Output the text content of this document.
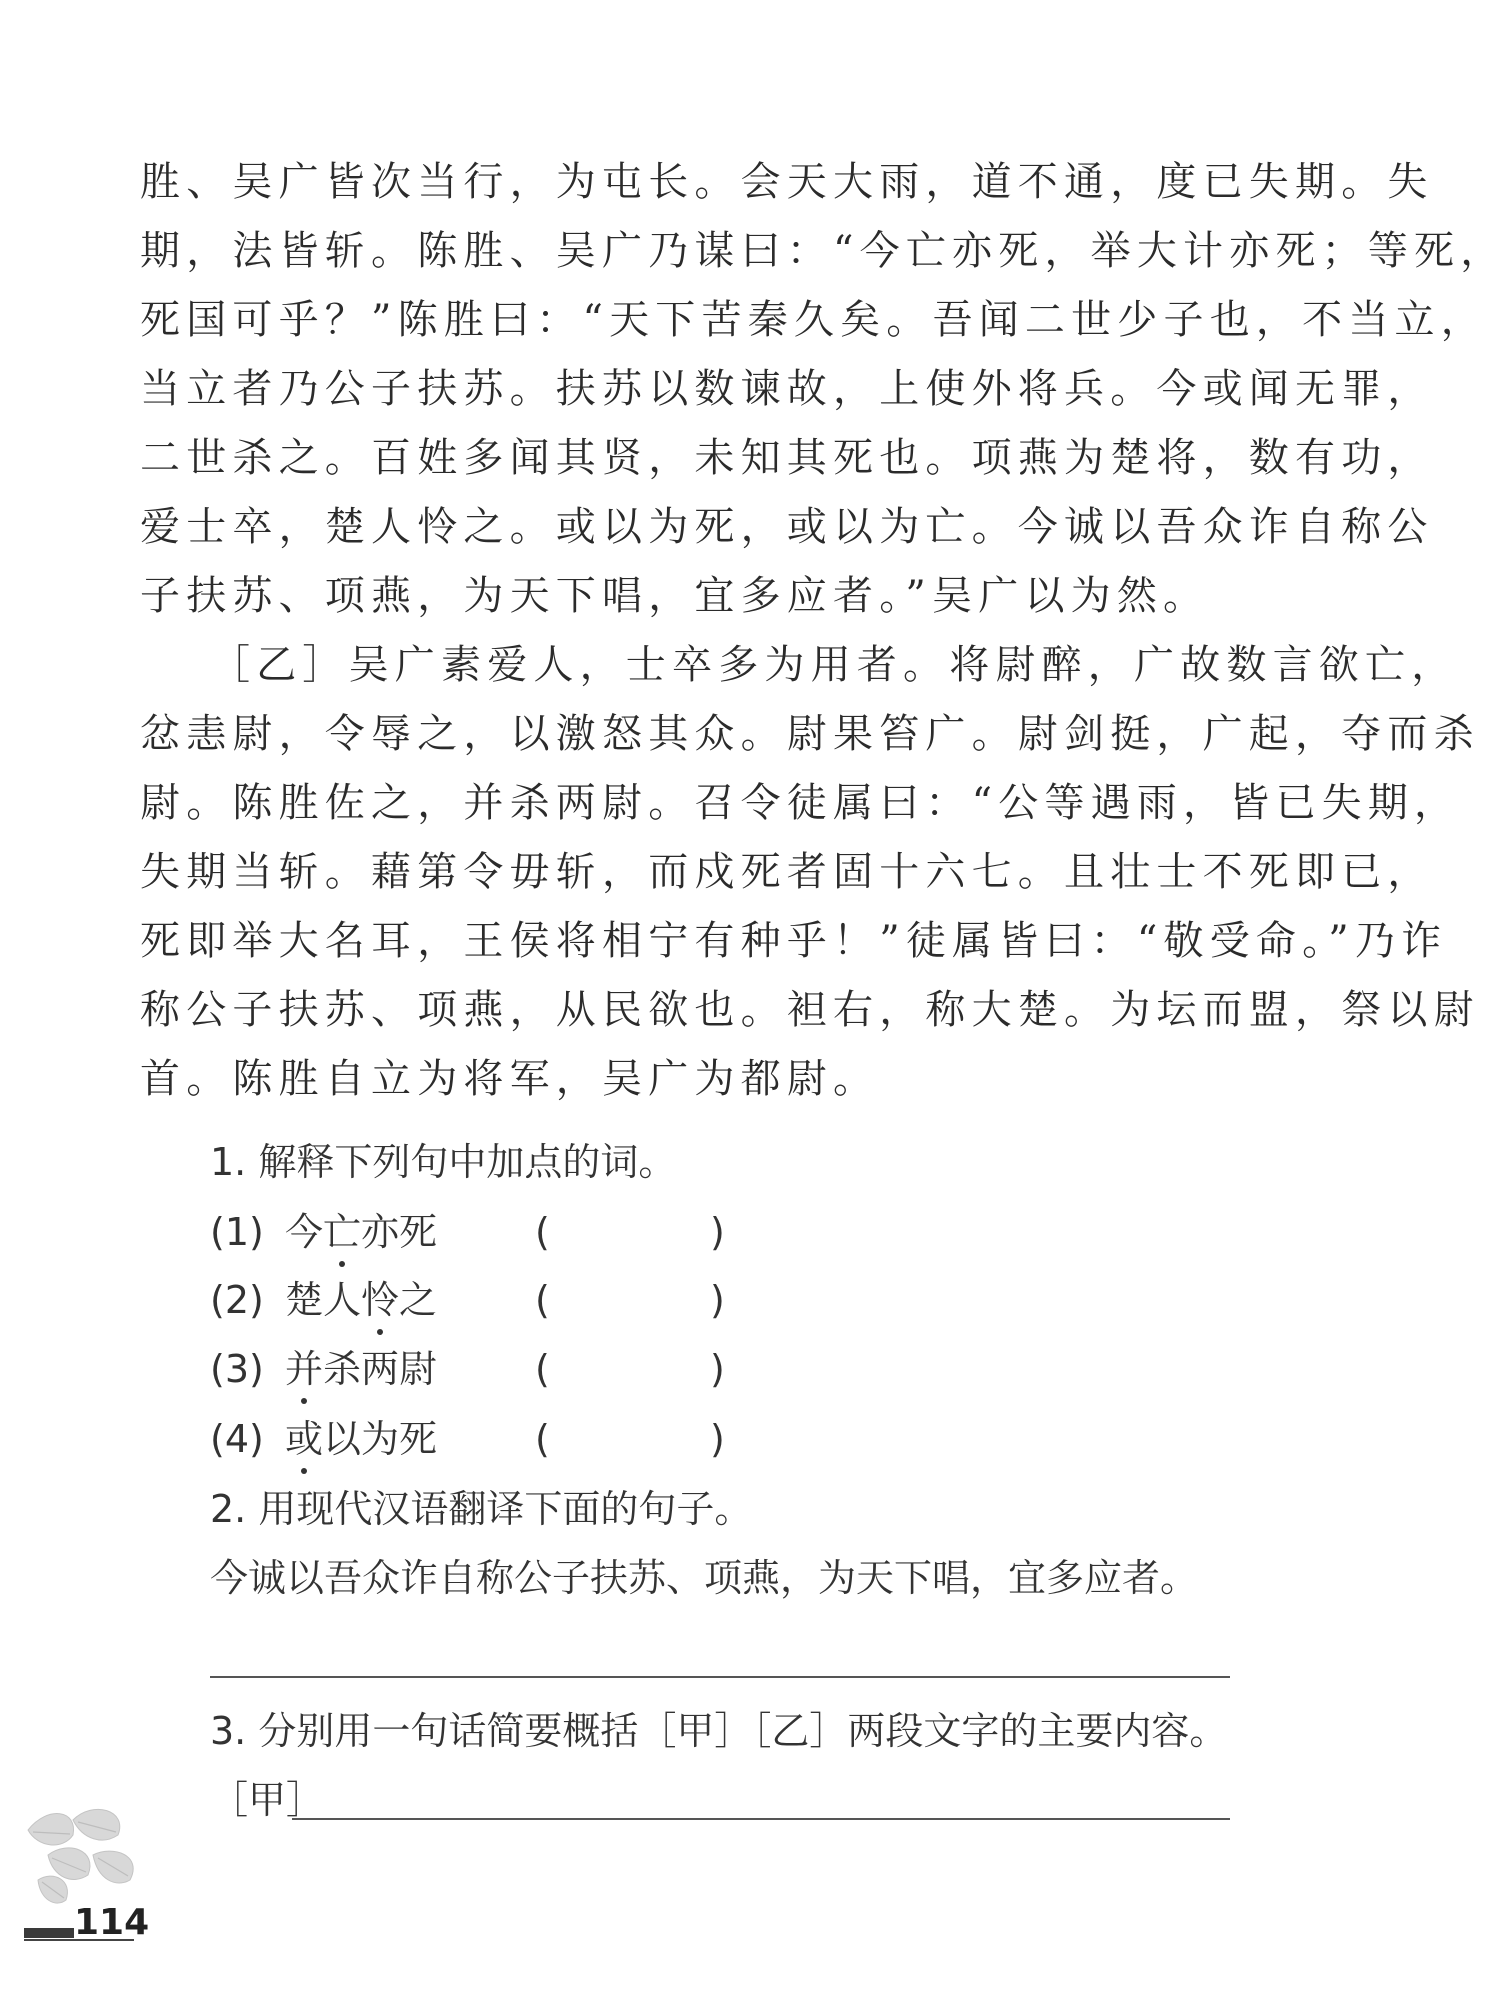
胜、吴广皆次当行，为屯长。会天大雨，道不通，度已失期。失
期，法皆斩。陈胜、吴广乃谋曰：“今亡亦死，举大计亦死；等死，
死国可乎？”陈胜曰：“天下苦秦久矣。吾闻二世少子也，不当立，
当立者乃公子扶苏。扶苏以数谏故，上使外将兵。今或闻无罪，
二世杀之。百姓多闻其贤，未知其死也。项燕为楚将，数有功，
爱士卒，楚人怜之。或以为死，或以为亡。今诚以吾众诈自称公
子扶苏、项燕，为天下唱，宜多应者。”吴广以为然。
［乙］吴广素爱人，士卒多为用者。将尉醉，广故数言欲亡，
忿恚尉，令辱之，以激怒其众。尉果笞广。尉剑挺，广起，夺而杀
尉。陈胜佐之，并杀两尉。召令徒属曰：“公等遇雨，皆已失期，
失期当斩。藉第令毋斩，而戍死者固十六七。且壮士不死即已，
死即举大名耳，王侯将相宁有种乎！”徒属皆曰：“敬受命。”乃诈
称公子扶苏、项燕，从民欲也。袒右，称大楚。为坛而盟，祭以尉
首。陈胜自立为将军，吴广为都尉。
1. 解释下列句中加点的词。
(1) 今亡亦死	(	)
(2) 楚人怜之	(	)
(3) 并杀两尉	(	)
(4) 或以为死	(	)
2. 用现代汉语翻译下面的句子。
今诚以吾众诈自称公子扶苏、项燕，为天下唱，宜多应者。
3. 分别用一句话简要概括［甲］［乙］两段文字的主要内容。
［甲］
114
